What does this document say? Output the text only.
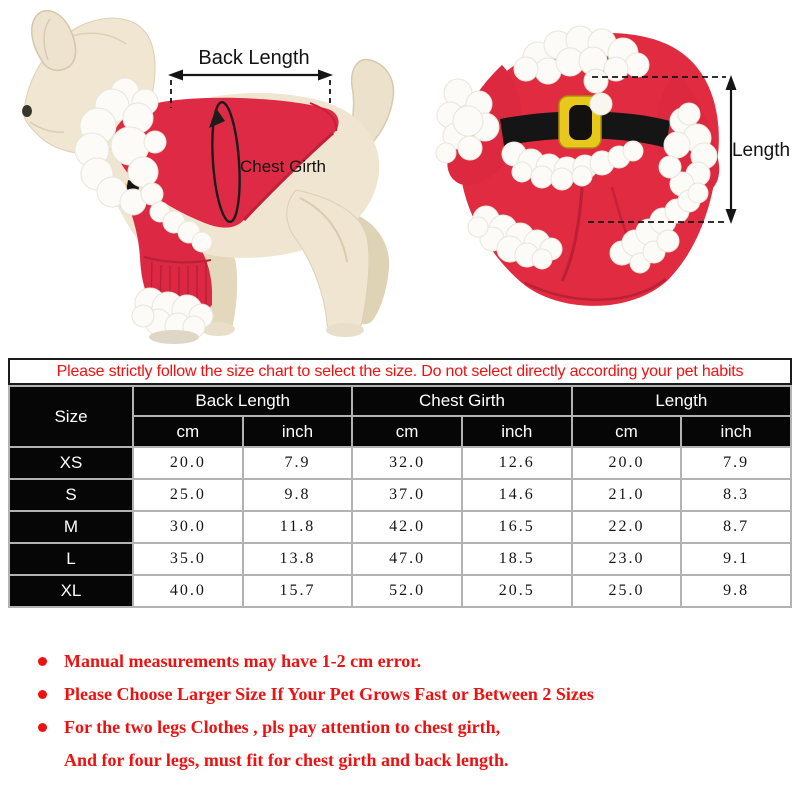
Back Length
Chest Girth
Length
Please strictly follow the size chart to select the size. Do not select directly according your pet habits
Size	Back Length		Chest Girth		Length	
	cm	inch	cm	inch	cm	inch
XS	20.0	7.9	32.0	12.6	20.0	7.9
S	25.0	9.8	37.0	14.6	21.0	8.3
M	30.0	11.8	42.0	16.5	22.0	8.7
L	35.0	13.8	47.0	18.5	23.0	9.1
XL	40.0	15.7	52.0	20.5	25.0	9.8
Manual measurements may have 1-2 cm error.
Please Choose Larger Size If Your Pet Grows Fast or Between 2 Sizes
For the two legs Clothes , pls pay attention to chest girth,
And for four legs, must fit for chest girth and back length.
